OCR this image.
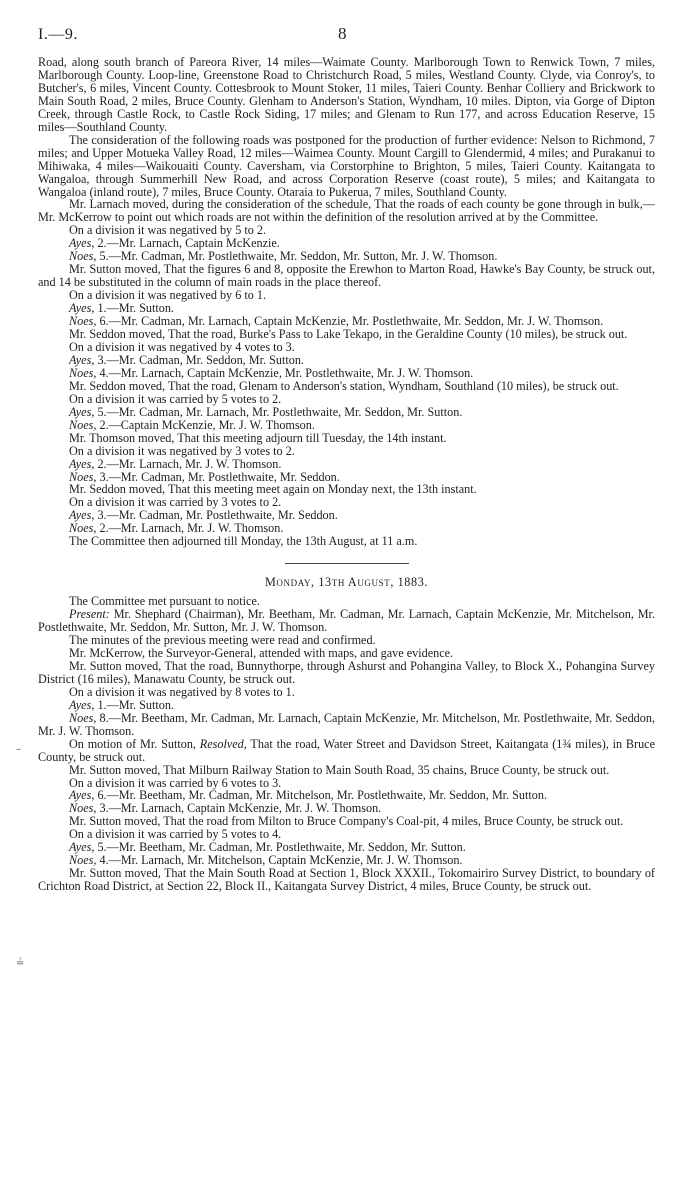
I.—9.	8
–
≟

Road, along south branch of Pareora River, 14 miles—Waimate County. Marlborough Town to Renwick Town, 7 miles, Marlborough County. Loop-line, Greenstone Road to Christchurch Road, 5 miles, Westland County. Clyde, via Conroy's, to Butcher's, 6 miles, Vincent County. Cottesbrook to Mount Stoker, 11 miles, Taieri County. Benhar Colliery and Brickwork to Main South Road, 2 miles, Bruce County. Glenham to Anderson's Station, Wyndham, 10 miles. Dipton, via Gorge of Dipton Creek, through Castle Rock, to Castle Rock Siding, 17 miles; and Glenam to Run 177, and across Education Reserve, 15 miles—Southland County.

The consideration of the following roads was postponed for the production of further evidence: Nelson to Richmond, 7 miles; and Upper Motueka Valley Road, 12 miles—Waimea County. Mount Cargill to Glendermid, 4 miles; and Purakanui to Mihiwaka, 4 miles—Waikouaiti County. Caversham, via Corstorphine to Brighton, 5 miles, Taieri County. Kaitangata to Wangaloa, through Summerhill New Road, and across Corporation Reserve (coast route), 5 miles; and Kaitangata to Wangaloa (inland route), 7 miles, Bruce County. Otaraia to Pukerua, 7 miles, Southland County.

Mr. Larnach moved, during the consideration of the schedule, That the roads of each county be gone through in bulk,—Mr. McKerrow to point out which roads are not within the definition of the resolution arrived at by the Committee.

On a division it was negatived by 5 to 2.

Ayes, 2.—Mr. Larnach, Captain McKenzie.

Noes, 5.—Mr. Cadman, Mr. Postlethwaite, Mr. Seddon, Mr. Sutton, Mr. J. W. Thomson.

Mr. Sutton moved, That the figures 6 and 8, opposite the Erewhon to Marton Road, Hawke's Bay County, be struck out, and 14 be substituted in the column of main roads in the place thereof.

On a division it was negatived by 6 to 1.

Ayes, 1.—Mr. Sutton.

Noes, 6.—Mr. Cadman, Mr. Larnach, Captain McKenzie, Mr. Postlethwaite, Mr. Seddon, Mr. J. W. Thomson.

Mr. Seddon moved, That the road, Burke's Pass to Lake Tekapo, in the Geraldine County (10 miles), be struck out.

On a division it was negatived by 4 votes to 3.

Ayes, 3.—Mr. Cadman, Mr. Seddon, Mr. Sutton.

Noes, 4.—Mr. Larnach, Captain McKenzie, Mr. Postlethwaite, Mr. J. W. Thomson.

Mr. Seddon moved, That the road, Glenam to Anderson's station, Wyndham, Southland (10 miles), be struck out.

On a division it was carried by 5 votes to 2.

Ayes, 5.—Mr. Cadman, Mr. Larnach, Mr. Postlethwaite, Mr. Seddon, Mr. Sutton.

Noes, 2.—Captain McKenzie, Mr. J. W. Thomson.

Mr. Thomson moved, That this meeting adjourn till Tuesday, the 14th instant.

On a division it was negatived by 3 votes to 2.

Ayes, 2.—Mr. Larnach, Mr. J. W. Thomson.

Noes, 3.—Mr. Cadman, Mr. Postlethwaite, Mr. Seddon.

Mr. Seddon moved, That this meeting meet again on Monday next, the 13th instant.

On a division it was carried by 3 votes to 2.

Ayes, 3.—Mr. Cadman, Mr. Postlethwaite, Mr. Seddon.

Noes, 2.—Mr. Larnach, Mr. J. W. Thomson.

The Committee then adjourned till Monday, the 13th August, at 11 a.m.

Monday, 13th August, 1883.

The Committee met pursuant to notice.

Present: Mr. Shephard (Chairman), Mr. Beetham, Mr. Cadman, Mr. Larnach, Captain McKenzie, Mr. Mitchelson, Mr. Postlethwaite, Mr. Seddon, Mr. Sutton, Mr. J. W. Thomson.

The minutes of the previous meeting were read and confirmed.

Mr. McKerrow, the Surveyor-General, attended with maps, and gave evidence.

Mr. Sutton moved, That the road, Bunnythorpe, through Ashurst and Pohangina Valley, to Block X., Pohangina Survey District (16 miles), Manawatu County, be struck out.

On a division it was negatived by 8 votes to 1.

Ayes, 1.—Mr. Sutton.

Noes, 8.—Mr. Beetham, Mr. Cadman, Mr. Larnach, Captain McKenzie, Mr. Mitchelson, Mr. Postlethwaite, Mr. Seddon, Mr. J. W. Thomson.

On motion of Mr. Sutton, Resolved, That the road, Water Street and Davidson Street, Kaitangata (1¾ miles), in Bruce County, be struck out.

Mr. Sutton moved, That Milburn Railway Station to Main South Road, 35 chains, Bruce County, be struck out.

On a division it was carried by 6 votes to 3.

Ayes, 6.—Mr. Beetham, Mr. Cadman, Mr. Mitchelson, Mr. Postlethwaite, Mr. Seddon, Mr. Sutton.

Noes, 3.—Mr. Larnach, Captain McKenzie, Mr. J. W. Thomson.

Mr. Sutton moved, That the road from Milton to Bruce Company's Coal-pit, 4 miles, Bruce County, be struck out.

On a division it was carried by 5 votes to 4.

Ayes, 5.—Mr. Beetham, Mr. Cadman, Mr. Postlethwaite, Mr. Seddon, Mr. Sutton.

Noes, 4.—Mr. Larnach, Mr. Mitchelson, Captain McKenzie, Mr. J. W. Thomson.

Mr. Sutton moved, That the Main South Road at Section 1, Block XXXII., Tokomairiro Survey District, to boundary of Crichton Road District, at Section 22, Block II., Kaitangata Survey District, 4 miles, Bruce County, be struck out.
